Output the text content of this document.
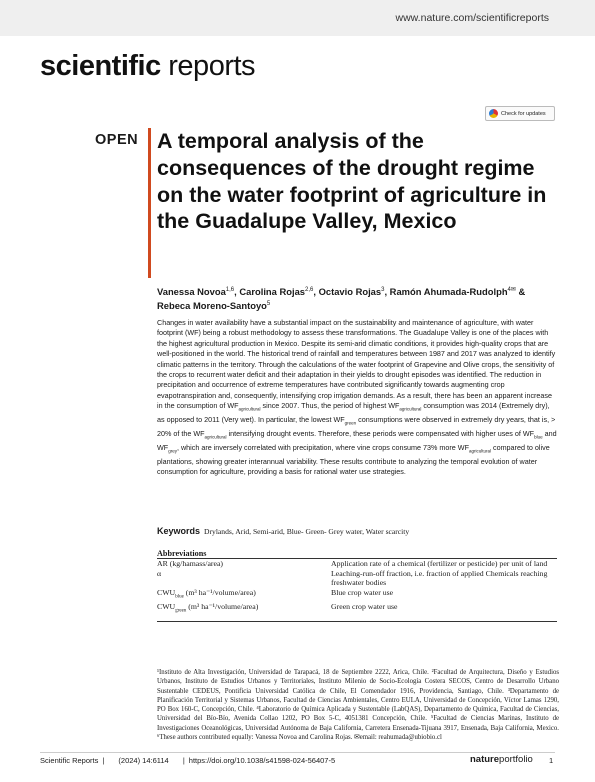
www.nature.com/scientificreports
scientific reports
Check for updates
OPEN A temporal analysis of the consequences of the drought regime on the water footprint of agriculture in the Guadalupe Valley, Mexico
Vanessa Novoa$^{1,6}$, Carolina Rojas$^{2,6}$, Octavio Rojas$^3$, Ramón Ahumada-Rudolph$^{4✉}$ &
Rebeca Moreno-Santoyo$^5$

Changes in water availability have a substantial impact on the sustainability and maintenance of agriculture, with water footprint (WF) being a robust methodology to assess these transformations. The Guadalupe Valley is one of the places with the highest agricultural production in Mexico. Despite its semi-arid climatic conditions, it provides high-quality crops that are well-positioned in the world. The historical trend of rainfall and temperatures between 1987 and 2017 was analyzed to identify climatic patterns in the territory. Through the calculations of the water footprint of Grapevine and Olive crops, the sensitivity of the crops to recurrent water deficit and their adaptation in their yields to drought episodes was identified. The reduction in precipitation and occurrence of extreme temperatures have contributed significantly towards augmenting crop evapotranspiration and, consequently, intensifying crop irrigation demands. As a result, there has been an apparent increase in the consumption of $WF_{agricultural}$ since 2007. Thus, the period of highest $WF_{agricultural}$ consumption was 2014 (Extremely dry), as opposed to 2011 (Very wet). In particular, the lowest $WF_{green}$ consumptions were observed in extremely dry years, that is, > 20% of the $WF_{agricultural}$ intensifying drought events. Therefore, these periods were compensated with higher uses of $WF_{blue}$ and $WF_{grey}$, which are inversely correlated with precipitation, where vine crops consume 73% more $WF_{agricultural}$ compared to olive plantations, showing greater interannual variability. These results contribute to analyzing the temporal evolution of water consumption for agriculture, providing a basis for rational water use strategies.

Keywords Drylands, Arid, Semi-arid, Blue- Green- Grey water, Water scarcity
Abbreviations
AR (kg/hamass/area)	Application rate of a chemical (fertilizer or pesticide) per unit of land
α	Leaching-run-off fraction, i.e. fraction of applied Chemicals reaching freshwater bodies
$CWU_{blue}$ (m³ ha⁻¹/volume/area)	Blue crop water use
$CWU_{green}$ (m³ ha⁻¹/volume/area)	Green crop water use

¹Instituto de Alta Investigación, Universidad de Tarapacá, 18 de Septiembre 2222, Arica, Chile. ²Facultad de Arquitectura, Diseño y Estudios Urbanos, Instituto de Estudios Urbanos y Territoriales, Instituto Milenio de Socio-Ecología Costera SECOS, Centro de Desarrollo Urbano Sustentable CEDEUS, Pontificia Universidad Católica de Chile, El Comendador 1916, Providencia, Santiago, Chile. ³Departamento de Planificación Territorial y Sistemas Urbanos, Facultad de Ciencias Ambientales, Centro EULA, Universidad de Concepción, Víctor Lamas 1290, PO Box 160-C, Concepción, Chile. ⁴Laboratorio de Química Aplicada y Sustentable (LabQAS), Departamento de Química, Facultad de Ciencias, Universidad del Bío-Bío, Avenida Collao 1202, PO Box 5-C, 4051381 Concepción, Chile. ⁵Facultad de Ciencias Marinas, Instituto de Investigaciones Oceanológicas, Universidad Autónoma de Baja California, Carretera Ensenada-Tijuana 3917, Ensenada, Baja California, Mexico. ⁶These authors contributed equally: Vanessa Novoa and Carolina Rojas. ✉email: reahumada@ubiobio.cl

Scientific Reports | (2024) 14:6114 | https://doi.org/10.1038/s41598-024-56407-5	natureportfolio 1
